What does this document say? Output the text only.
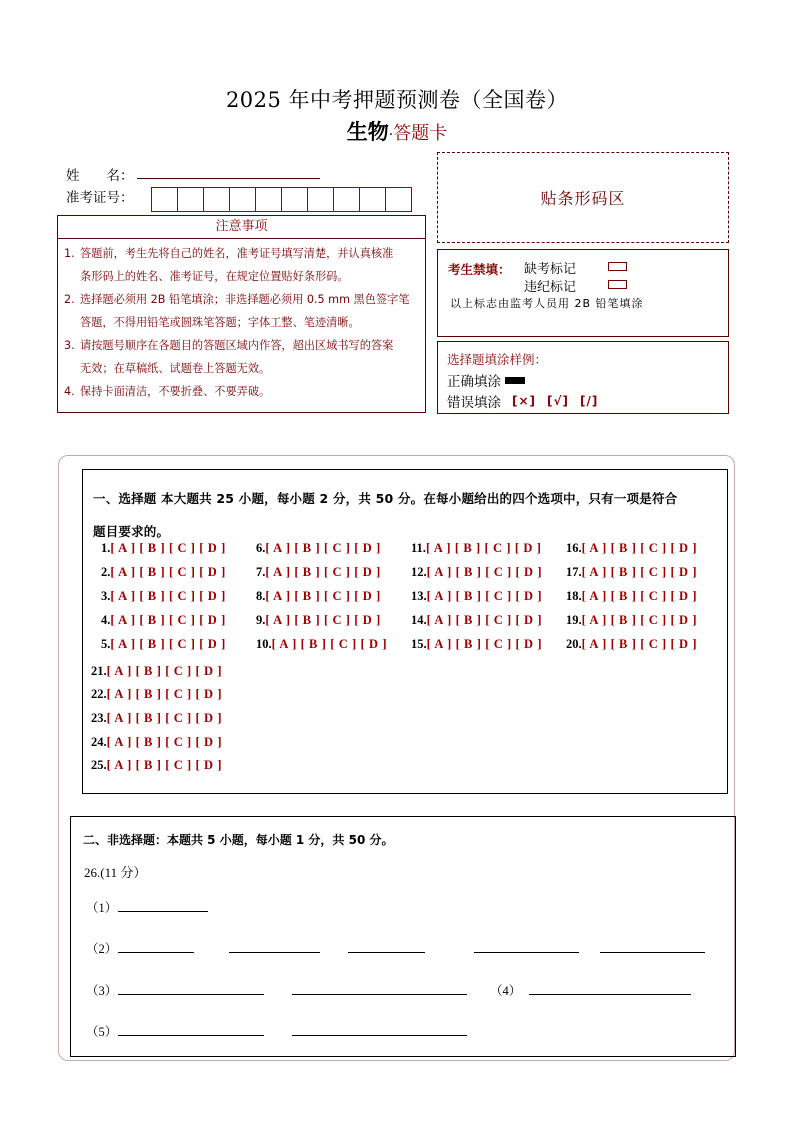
2025 年中考押题预测卷（全国卷）
生物·答题卡
姓　　名：
准考证号：
注意事项
1. 答题前，考生先将自己的姓名，准考证号填写清楚，并认真核准
条形码上的姓名、准考证号，在规定位置贴好条形码。
2. 选择题必须用 2B 铅笔填涂；非选择题必须用 0.5 mm 黑色签字笔
答题，不得用铅笔或圆珠笔答题；字体工整、笔迹清晰。
3. 请按题号顺序在各题目的答题区域内作答，超出区域书写的答案
无效；在草稿纸、试题卷上答题无效。
4. 保持卡面清洁，不要折叠、不要弄破。
贴条形码区
考生禁填： 缺考标记
违纪标记
以上标志由监考人员用 2B 铅笔填涂
选择题填涂样例：
正确填涂
错误填涂 [×] [√] [/]
一、选择题 本大题共 25 小题，每小题 2 分，共 50 分。在每小题给出的四个选项中，只有一项是符合
题目要求的。
1.[ A ] [ B ] [ C ] [ D ]
2.[ A ] [ B ] [ C ] [ D ]
3.[ A ] [ B ] [ C ] [ D ]
4.[ A ] [ B ] [ C ] [ D ]
5.[ A ] [ B ] [ C ] [ D ]
6.[ A ] [ B ] [ C ] [ D ]
7.[ A ] [ B ] [ C ] [ D ]
8.[ A ] [ B ] [ C ] [ D ]
9.[ A ] [ B ] [ C ] [ D ]
10.[ A ] [ B ] [ C ] [ D ]
11.[ A ] [ B ] [ C ] [ D ]
12.[ A ] [ B ] [ C ] [ D ]
13.[ A ] [ B ] [ C ] [ D ]
14.[ A ] [ B ] [ C ] [ D ]
15.[ A ] [ B ] [ C ] [ D ]
16.[ A ] [ B ] [ C ] [ D ]
17.[ A ] [ B ] [ C ] [ D ]
18.[ A ] [ B ] [ C ] [ D ]
19.[ A ] [ B ] [ C ] [ D ]
20.[ A ] [ B ] [ C ] [ D ]
21.[ A ] [ B ] [ C ] [ D ]
22.[ A ] [ B ] [ C ] [ D ]
23.[ A ] [ B ] [ C ] [ D ]
24.[ A ] [ B ] [ C ] [ D ]
25.[ A ] [ B ] [ C ] [ D ]
二、非选择题：本题共 5 小题，每小题 1 分，共 50 分。
26.(11 分）
（1）
（2）
（3）	（4）
（5）
